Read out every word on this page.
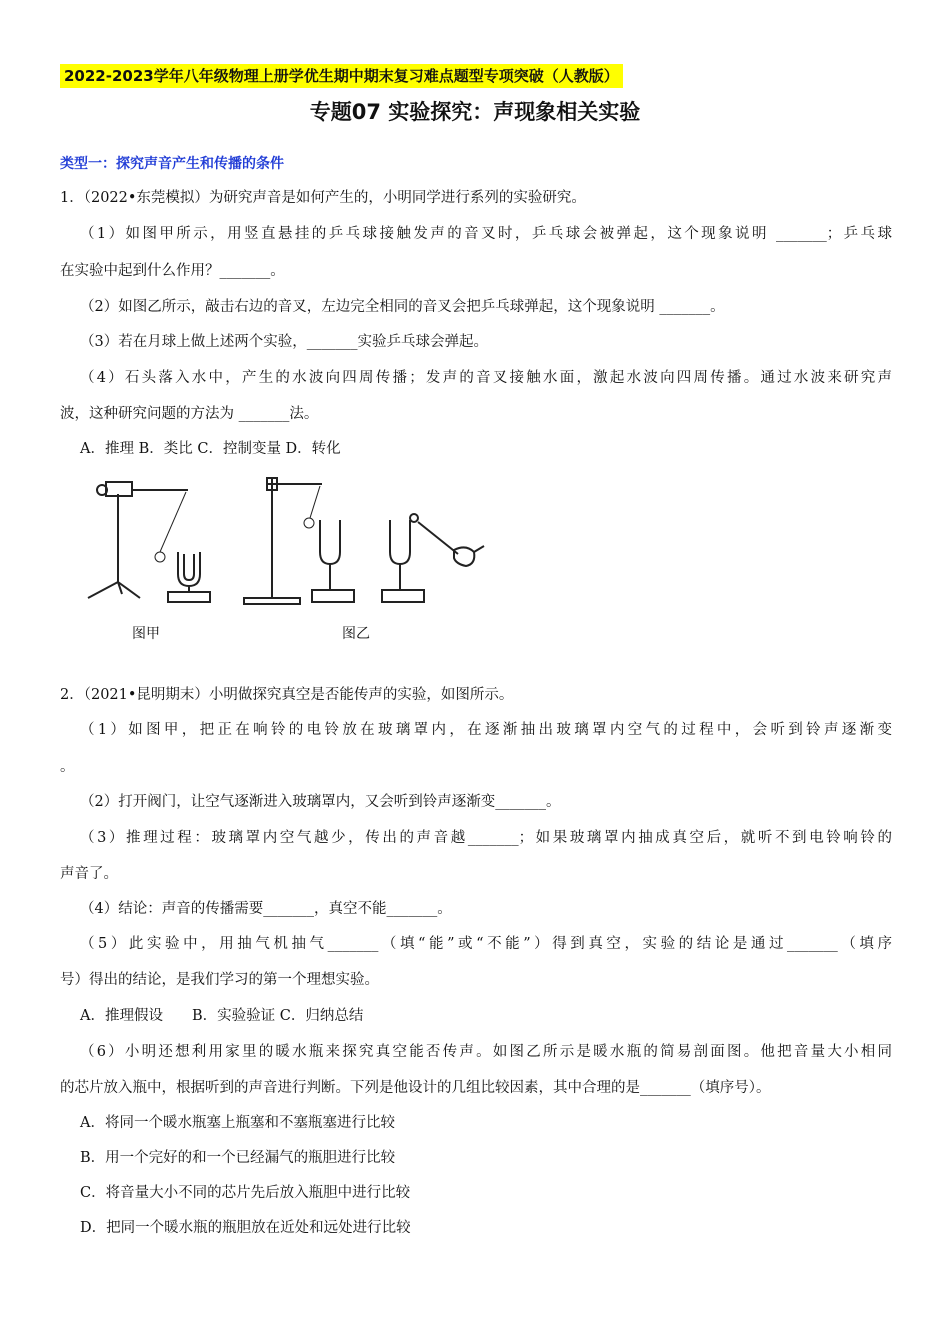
2022-2023学年八年级物理上册学优生期中期末复习难点题型专项突破（人教版）
专题07 实验探究：声现象相关实验
类型一：探究声音产生和传播的条件
1．（2022•东莞模拟）为研究声音是如何产生的，小明同学进行系列的实验研究。
（1）如图甲所示，用竖直悬挂的乒乓球接触发声的音叉时，乒乓球会被弹起，这个现象说明 _______；乒乓球
在实验中起到什么作用？_______。
（2）如图乙所示，敲击右边的音叉，左边完全相同的音叉会把乒乓球弹起，这个现象说明 _______。
（3）若在月球上做上述两个实验，_______实验乒乓球会弹起。
（4）石头落入水中，产生的水波向四周传播；发声的音叉接触水面，激起水波向四周传播。通过水波来研究声
波，这种研究问题的方法为 _______法。
A．推理 B．类比 C．控制变量 D．转化
图甲	图乙
2．（2021•昆明期末）小明做探究真空是否能传声的实验，如图所示。
（1）如图甲，把正在响铃的电铃放在玻璃罩内，在逐渐抽出玻璃罩内空气的过程中，会听到铃声逐渐变
。
（2）打开阀门，让空气逐渐进入玻璃罩内，又会听到铃声逐渐变_______。
（3）推理过程：玻璃罩内空气越少，传出的声音越_______；如果玻璃罩内抽成真空后，就听不到电铃响铃的
声音了。
（4）结论：声音的传播需要_______，真空不能_______。
（5）此实验中，用抽气机抽气_______（填“能”或“不能”）得到真空，实验的结论是通过_______（填序
号）得出的结论，是我们学习的第一个理想实验。
A．推理假设　　B．实验验证 C．归纳总结
（6）小明还想利用家里的暖水瓶来探究真空能否传声。如图乙所示是暖水瓶的简易剖面图。他把音量大小相同
的芯片放入瓶中，根据听到的声音进行判断。下列是他设计的几组比较因素，其中合理的是_______（填序号）。
A．将同一个暖水瓶塞上瓶塞和不塞瓶塞进行比较
B．用一个完好的和一个已经漏气的瓶胆进行比较
C．将音量大小不同的芯片先后放入瓶胆中进行比较
D．把同一个暖水瓶的瓶胆放在近处和远处进行比较
